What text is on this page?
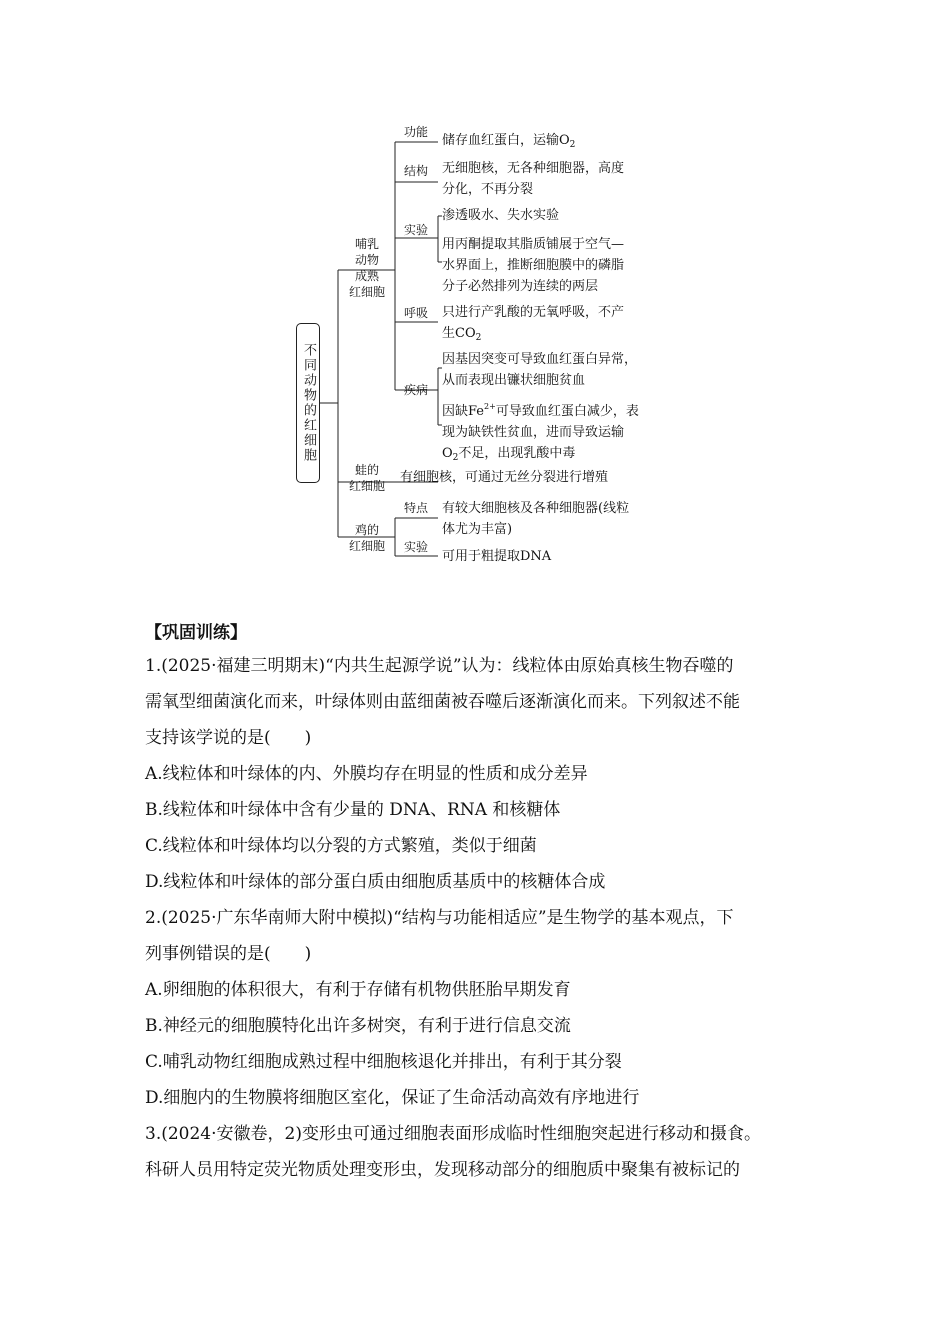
不同动物的红细胞
哺乳
动物
成熟
红细胞
功能
储存血红蛋白，运输$O_2$
结构	无细胞核，无各种细胞器，高度
分化，不再分裂
实验
渗透吸水、失水实验
用丙酮提取其脂质铺展于空气—
水界面上，推断细胞膜中的磷脂
分子必然排列为连续的两层
呼吸	只进行产乳酸的无氧呼吸，不产
生$CO_2$
疾病
因基因突变可导致血红蛋白异常，
从而表现出镰状细胞贫血
因缺$Fe^{2+}$可导致血红蛋白减少，表
现为缺铁性贫血，进而导致运输
$O_2$不足，出现乳酸中毒
蛙的
红细胞
有细胞核，可通过无丝分裂进行增殖
鸡的
红细胞
特点	有较大细胞核及各种细胞器(线粒
体尤为丰富)
实验
可用于粗提取DNA
【巩固训练】
1.(2025·福建三明期末)“内共生起源学说”认为：线粒体由原始真核生物吞噬的
需氧型细菌演化而来，叶绿体则由蓝细菌被吞噬后逐渐演化而来。下列叙述不能
支持该学说的是(　　)
A.线粒体和叶绿体的内、外膜均存在明显的性质和成分差异
B.线粒体和叶绿体中含有少量的 DNA、RNA 和核糖体
C.线粒体和叶绿体均以分裂的方式繁殖，类似于细菌
D.线粒体和叶绿体的部分蛋白质由细胞质基质中的核糖体合成
2.(2025·广东华南师大附中模拟)“结构与功能相适应”是生物学的基本观点，下
列事例错误的是(　　)
A.卵细胞的体积很大，有利于存储有机物供胚胎早期发育
B.神经元的细胞膜特化出许多树突，有利于进行信息交流
C.哺乳动物红细胞成熟过程中细胞核退化并排出，有利于其分裂
D.细胞内的生物膜将细胞区室化，保证了生命活动高效有序地进行
3.(2024·安徽卷，2)变形虫可通过细胞表面形成临时性细胞突起进行移动和摄食。
科研人员用特定荧光物质处理变形虫，发现移动部分的细胞质中聚集有被标记的
